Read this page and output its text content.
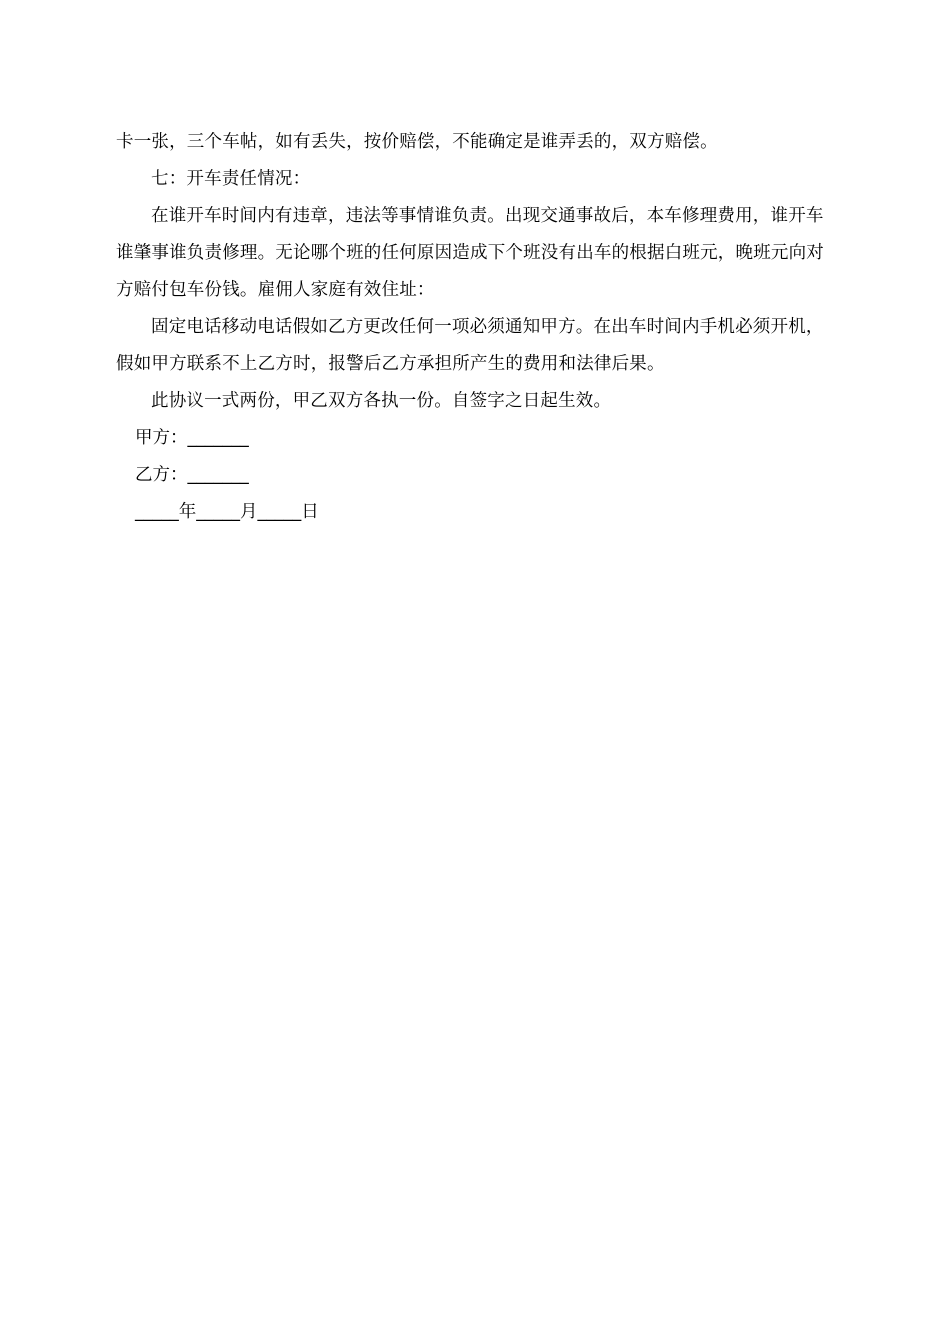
卡一张，三个车帖，如有丢失，按价赔偿，不能确定是谁弄丢的，双方赔偿。

七：开车责任情况：

在谁开车时间内有违章，违法等事情谁负责。出现交通事故后，本车修理费用，谁开车谁肇事谁负责修理。无论哪个班的任何原因造成下个班没有出车的根据白班元，晚班元向对方赔付包车份钱。雇佣人家庭有效住址：

固定电话移动电话假如乙方更改任何一项必须通知甲方。在出车时间内手机必须开机，假如甲方联系不上乙方时，报警后乙方承担所产生的费用和法律后果。

此协议一式两份，甲乙双方各执一份。自签字之日起生效。

甲方：_______

乙方：_______

_____年_____月_____日
